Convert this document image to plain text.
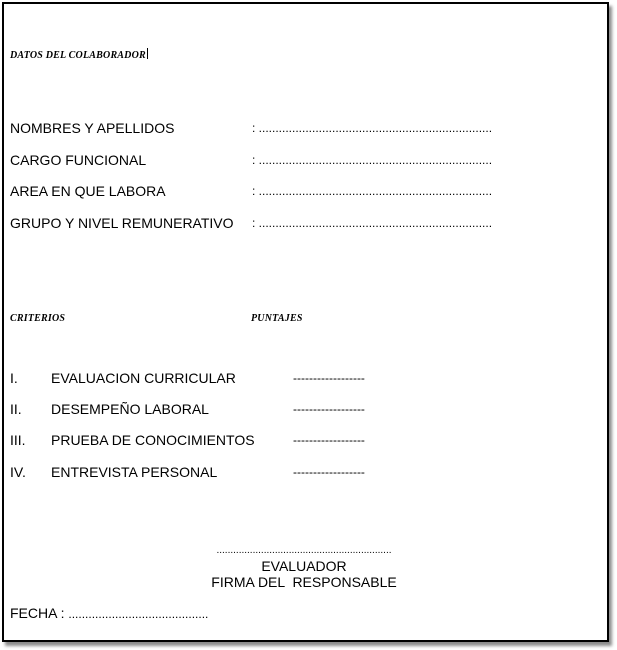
DATOS DEL COLABORADOR
NOMBRES Y APELLIDOS	: ......................................................................
CARGO FUNCIONAL	: ......................................................................
AREA EN QUE LABORA	: ......................................................................
GRUPO Y NIVEL REMUNERATIVO : ......................................................................
CRITERIOS	PUNTAJES
I. EVALUACION CURRICULAR	------------------
II. DESEMPEÑO LABORAL	------------------
III. PRUEBA DE CONOCIMIENTOS	------------------
IV. ENTREVISTA PERSONAL	------------------
...............................................................
EVALUADOR
FIRMA DEL  RESPONSABLE
FECHA : ..........................................
